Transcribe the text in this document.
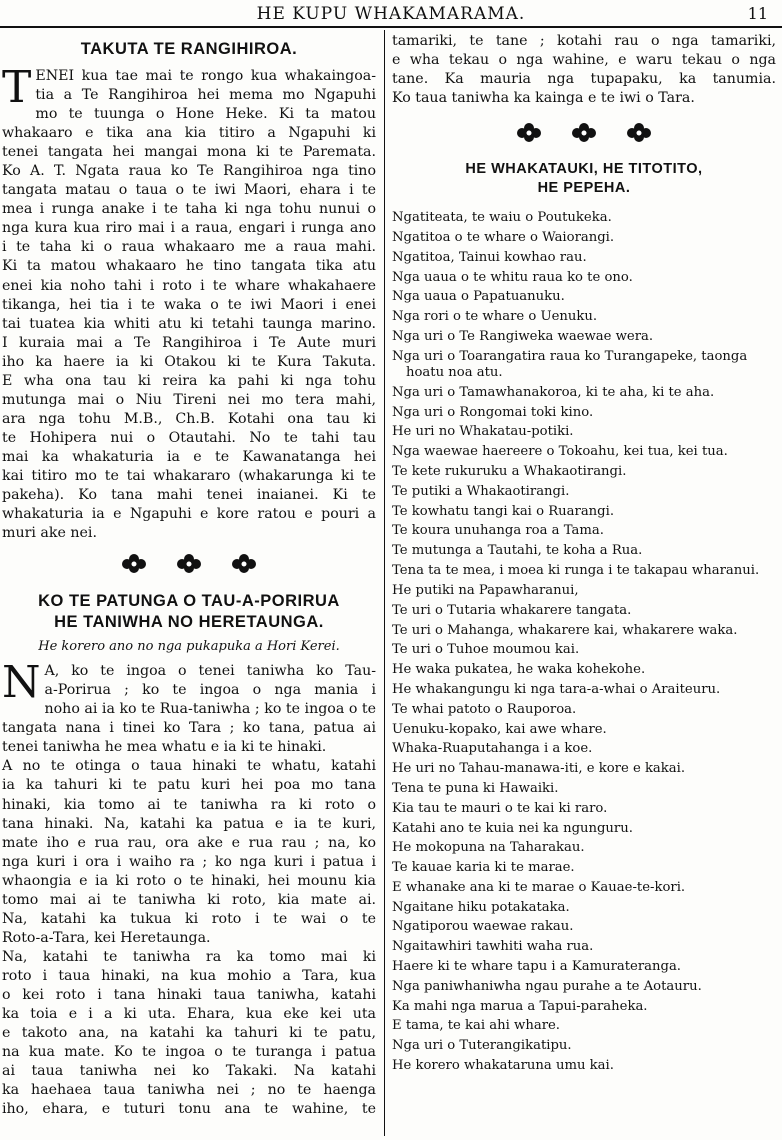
HE KUPU WHAKAMARAMA.	11
TAKUTA TE RANGIHIROA.
T ENEI kua tae mai te rongo kua whakaingoa-
tia a Te Rangihiroa hei mema mo Ngapuhi
mo te tuunga o Hone Heke. Ki ta matou
whakaaro e tika ana kia titiro a Ngapuhi ki
tenei tangata hei mangai mona ki te Paremata.
Ko A. T. Ngata raua ko Te Rangihiroa nga tino
tangata matau o taua o te iwi Maori, ehara i te
mea i runga anake i te taha ki nga tohu nunui o
nga kura kua riro mai i a raua, engari i runga ano
i te taha ki o raua whakaaro me a raua mahi.
Ki ta matou whakaaro he tino tangata tika atu
enei kia noho tahi i roto i te whare whakahaere
tikanga, hei tia i te waka o te iwi Maori i enei
tai tuatea kia whiti atu ki tetahi taunga marino.
I kuraia mai a Te Rangihiroa i Te Aute muri
iho ka haere ia ki Otakou ki te Kura Takuta.
E wha ona tau ki reira ka pahi ki nga tohu
mutunga mai o Niu Tireni nei mo tera mahi,
ara nga tohu M.B., Ch.B. Kotahi ona tau ki
te Hohipera nui o Otautahi. No te tahi tau
mai ka whakaturia ia e te Kawanatanga hei
kai titiro mo te tai whakararo (whakarunga ki te
pakeha). Ko tana mahi tenei inaianei. Ki te
whakaturia ia e Ngapuhi e kore ratou e pouri a
muri ake nei.

KO TE PATUNGA O TAU-A-PORIRUA
HE TANIWHA NO HERETAUNGA.
He korero ano no nga pukapuka a Hori Kerei.
N A, ko te ingoa o tenei taniwha ko Tau-
a-Porirua ; ko te ingoa o nga mania i
noho ai ia ko te Rua-taniwha ; ko te ingoa o te
tangata nana i tinei ko Tara ; ko tana, patua ai
tenei taniwha he mea whatu e ia ki te hinaki.
A no te otinga o taua hinaki te whatu, katahi
ia ka tahuri ki te patu kuri hei poa mo tana
hinaki, kia tomo ai te taniwha ra ki roto o
tana hinaki. Na, katahi ka patua e ia te kuri,
mate iho e rua rau, ora ake e rua rau ; na, ko
nga kuri i ora i waiho ra ; ko nga kuri i patua i
whaongia e ia ki roto o te hinaki, hei mounu kia
tomo mai ai te taniwha ki roto, kia mate ai.
Na, katahi ka tukua ki roto i te wai o te
Roto-a-Tara, kei Heretaunga.
Na, katahi te taniwha ra ka tomo mai ki
roto i taua hinaki, na kua mohio a Tara, kua
o kei roto i tana hinaki taua taniwha, katahi
ka toia e i a ki uta. Ehara, kua eke kei uta
e takoto ana, na katahi ka tahuri ki te patu,
na kua mate. Ko te ingoa o te turanga i patua
ai taua taniwha nei ko Takaki. Na katahi
ka haehaea taua taniwha nei ; no te haenga
iho, ehara, e tuturi tonu ana te wahine, te
tamariki, te tane ; kotahi rau o nga tamariki,
e wha tekau o nga wahine, e waru tekau o nga
tane. Ka mauria nga tupapaku, ka tanumia.
Ko taua taniwha ka kainga e te iwi o Tara.

HE WHAKATAUKI, HE TITOTITO,
HE PEPEHA.
Ngatiteata, te waiu o Poutukeka.
Ngatitoa o te whare o Waiorangi.
Ngatitoa, Tainui kowhao rau.
Nga uaua o te whitu raua ko te ono.
Nga uaua o Papatuanuku.
Nga rori o te whare o Uenuku.
Nga uri o Te Rangiweka waewae wera.
Nga uri o Toarangatira raua ko Turangapeke, taonga hoatu noa atu.
Nga uri o Tamawhanakoroa, ki te aha, ki te aha.
Nga uri o Rongomai toki kino.
He uri no Whakatau-potiki.
Nga waewae haereere o Tokoahu, kei tua, kei tua.
Te kete rukuruku a Whakaotirangi.
Te putiki a Whakaotirangi.
Te kowhatu tangi kai o Ruarangi.
Te koura unuhanga roa a Tama.
Te mutunga a Tautahi, te koha a Rua.
Tena ta te mea, i moea ki runga i te takapau wharanui.
He putiki na Papawharanui,
Te uri o Tutaria whakarere tangata.
Te uri o Mahanga, whakarere kai, whakarere waka.
Te uri o Tuhoe moumou kai.
He waka pukatea, he waka kohekohe.
He whakangungu ki nga tara-a-whai o Araiteuru.
Te whai patoto o Rauporoa.
Uenuku-kopako, kai awe whare.
Whaka-Ruaputahanga i a koe.
He uri no Tahau-manawa-iti, e kore e kakai.
Tena te puna ki Hawaiki.
Kia tau te mauri o te kai ki raro.
Katahi ano te kuia nei ka ngunguru.
He mokopuna na Taharakau.
Te kauae karia ki te marae.
E whanake ana ki te marae o Kauae-te-kori.
Ngaitane hiku potakataka.
Ngatiporou waewae rakau.
Ngaitawhiri tawhiti waha rua.
Haere ki te whare tapu i a Kamurateranga.
Nga paniwhaniwha ngau purahe a te Aotauru.
Ka mahi nga marua a Tapui-paraheka.
E tama, te kai ahi whare.
Nga uri o Tuterangikatipu.
He korero whakataruna umu kai.
